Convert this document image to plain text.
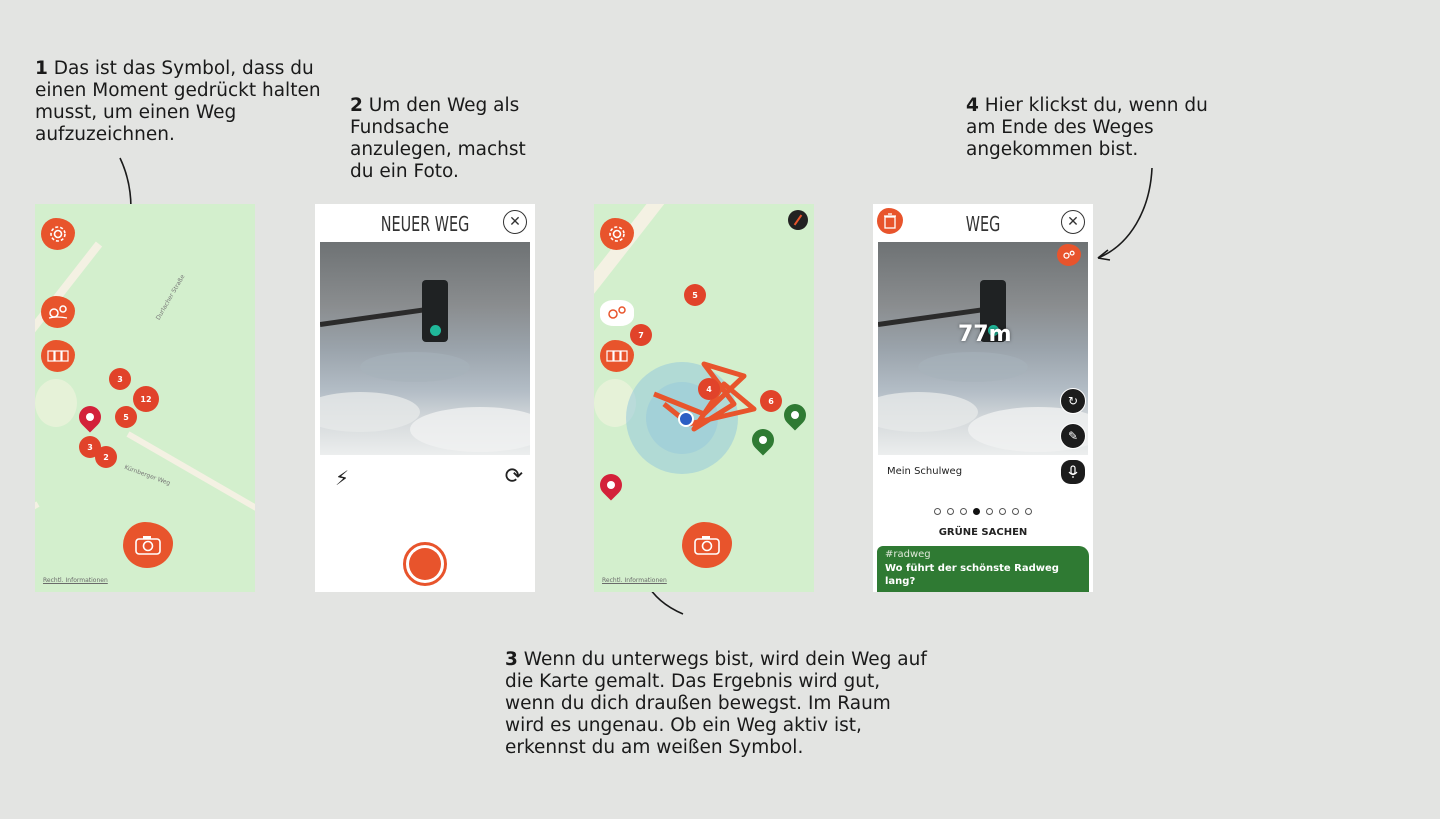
1 Das ist das Symbol, dass du einen Moment gedrückt halten musst, um einen Weg aufzuzeichnen.

2 Um den Weg als Fundsache anzulegen, machst du ein Foto.

3 Wenn du unterwegs bist, wird dein Weg auf die Karte gemalt. Das Ergebnis wird gut, wenn du dich draußen bewegst. Im Raum wird es ungenau. Ob ein Weg aktiv ist, erkennst du am weißen Symbol.

4 Hier klickst du, wenn du am Ende des Weges angekommen bist.

Durlacher Straße
Kürnberger Weg
3
12
5
3
2
Rechtl. Informationen
NEUER WEG	✕
⚡	⟳
5
7
4
6
Rechtl. Informationen
WEG	✕
77m
↻
✎
Mein Schulweg
GRÜNE SACHEN
#radweg
Wo führt der schönste Radweg lang?
